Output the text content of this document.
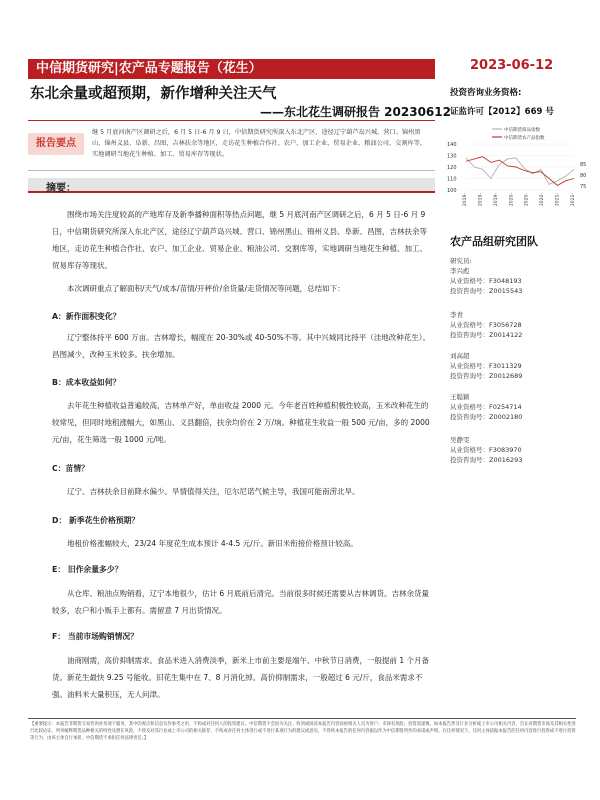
中信期货研究|农产品专题报告（花生）	2023-06-12
东北余量或超预期，新作增种关注天气
——东北花生调研报告 20230612
报告要点
继 5 月底河南产区调研之后，6 月 5 日-6 月 9 日，中信期货研究所深入东北产区，途径辽宁葫芦岛兴城、营口、锦州黑山、锦州义县、阜新、昌图，吉林扶余等地区，走访花生种植合作社、农户、加工企业、贸易企业、粮油公司、交割库等，实地调研当地花生种植、加工、贸易库存等现状。
摘要：
围绕市场关注度较高的产地库存及新季播种面积等热点问题，继 5 月底河南产区调研之后，6 月 5 日-6 月 9 日，中信期货研究所深入东北产区，途径辽宁葫芦岛兴城、营口、锦州黑山、锦州义县、阜新、昌图，吉林扶余等地区，走访花生种植合作社、农户、加工企业、贸易企业、粮油公司、交割库等，实地调研当地花生种植、加工、贸易库存等现状。
本次调研重点了解面积/天气/成本/苗情/开秤价/余货量/走货情况等问题，总结如下：
A：新作面积变化？
辽宁整体持平 600 万亩。吉林增长，幅度在 20-30%或 40-50%不等。其中兴城同比持平（洼地改种花生）。昌图减少，改种玉米较多。扶余增加。
B：成本收益如何？
去年花生种植收益普遍较高，吉林单产好，单亩收益 2000 元。今年老百姓种植积极性较高，玉米改种花生的较常见，但同时地租涨幅大，如黑山、义县翻倍，扶余均价在 2 万/垧。种植花生收益一般 500 元/亩，多的 2000 元/亩，花生筛选一般 1000 元/吨。
C：苗情？
辽宁、吉林扶余目前降水偏少。旱情值得关注，厄尔尼诺气候主导，我国可能南涝北旱。
D： 新季花生价格预期？
地租价格涨幅较大，23/24 年度花生成本预计 4-4.5 元/斤。新旧米衔接价格预计较高。
E： 旧作余量多少？
从仓库、粮油点购销看，辽宁本地很少，估计 6 月底前后清完。当前很多时候还需要从吉林调货。吉林余货量较多，农户和小贩手上都有。需留意 7 月出货情况。
F： 当前市场购销情况？
油商刚需，高价抑制需求。食品米进入消费淡季，新米上市前主要是端午、中秋节日消费，一般提前 1 个月备货。新花生最快 9.25 号能收。旧花生集中在 7、8 月消化掉。高价抑制需求，一般超过 6 元/斤，食品米需求不强。油料米大量积压，无人问津。
投资咨询业务资格:
证监许可【2012】669 号
中信期货商品指数
中信期货农产品指数
140
130
120
110
100
85
80
75
2019- 2019- 2019- 2020- 2020- 2020- 2021- 2021-
农产品组研究团队
研究员:
李兴彪
从业资格号：F3048193
投资咨询号：Z0015543
李青
从业资格号：F3056728
投资咨询号：Z0014122
刘高超
从业资格号：F3011329
投资咨询号：Z0012689
王聪颖
从业资格号：F0254714
投资咨询号：Z0002180
吴静雯
从业资格号：F3083970
投资咨询号：Z0016293
【重要提示：本报告非期货交易咨询业务项下服务，其中的观点和信息仅作参考之用，不构成对任何人的投资建议。中信期货不会因为关注、收到或阅读本报告内容而视相关人员为客户；市场有风险，投资需谨慎。如本报告涉及行业分析或上市公司相关内容，旨在对期货市场及其相关性进行比较论证，列举解释期货品种相关的特性及潜在风险，不涉及对其行业或上市公司的相关推荐，不构成对任何主体进行或不进行某项行为的建议或意见，不得将本报告的任何内容据以作为中信期货所作的承诺或声明。在任何情况下，任何主体依据本报告的任何内容进行投资或不进行投资等行为，由该主体自行承担，中信期货不承担任何法律责任。】
